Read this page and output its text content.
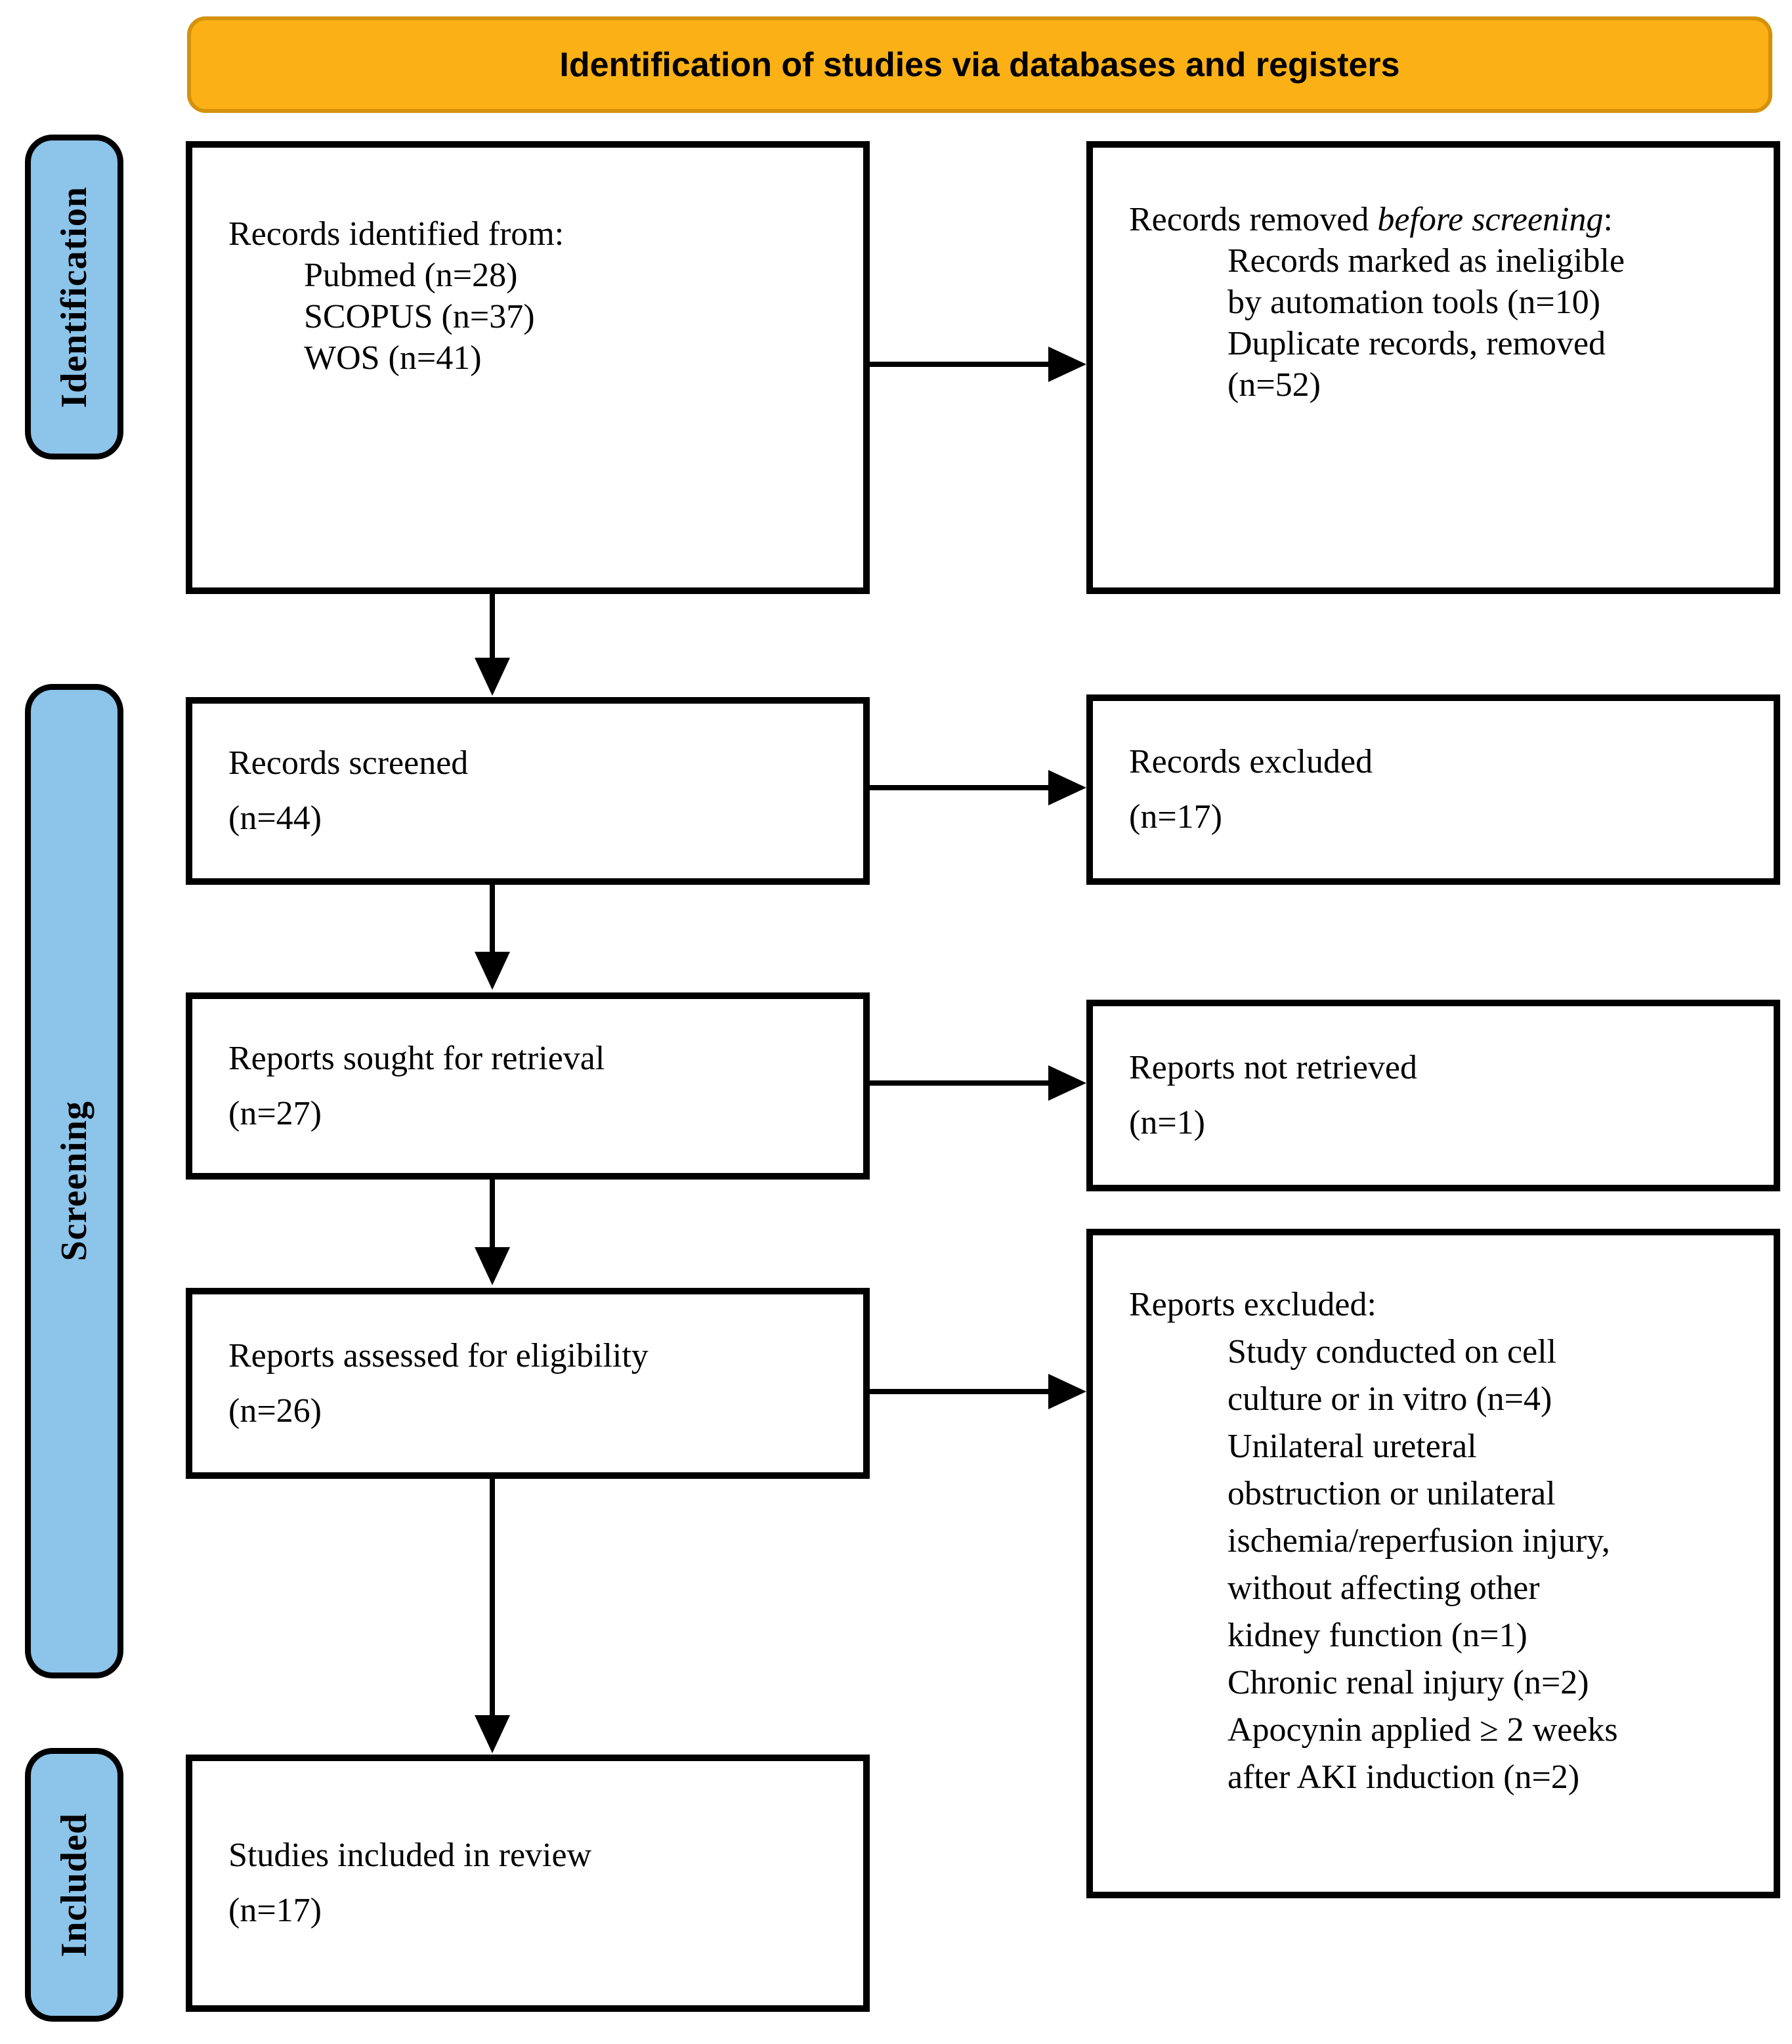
Identification of studies via databases and registers
Identification
Screening
Included
Records identified from:
Pubmed (n=28)
SCOPUS (n=37)
WOS (n=41)
Records screened
(n=44)
Reports sought for retrieval
(n=27)
Reports assessed for eligibility
(n=26)
Studies included in review
(n=17)
Records removed before screening:
Records marked as ineligible
by automation tools (n=10)
Duplicate records, removed
(n=52)
Records excluded
(n=17)
Reports not retrieved
(n=1)
Reports excluded:
Study conducted on cell
culture or in vitro (n=4)
Unilateral ureteral
obstruction or unilateral
ischemia/reperfusion injury,
without affecting other
kidney function (n=1)
Chronic renal injury (n=2)
Apocynin applied ≥ 2 weeks
after AKI induction (n=2)
